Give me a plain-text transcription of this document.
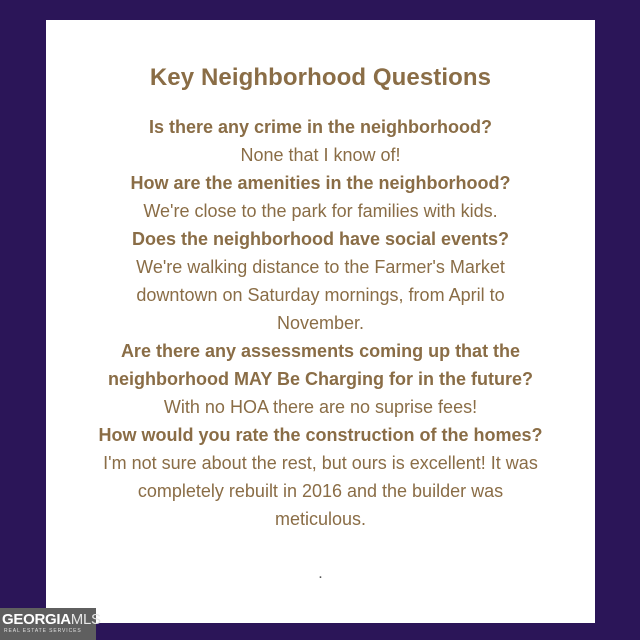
Key Neighborhood Questions
Is there any crime in the neighborhood?
None that I know of!
How are the amenities in the neighborhood?
We're close to the park for families with kids.
Does the neighborhood have social events?
We're walking distance to the Farmer's Market
downtown on Saturday mornings, from April to
November.
Are there any assessments coming up that the
neighborhood MAY Be Charging for in the future?
With no HOA there are no suprise fees!
How would you rate the construction of the homes?
I'm not sure about the rest, but ours is excellent! It was
completely rebuilt in 2016 and the builder was
meticulous.
.
GEORGIAMLS
REAL ESTATE SERVICES
